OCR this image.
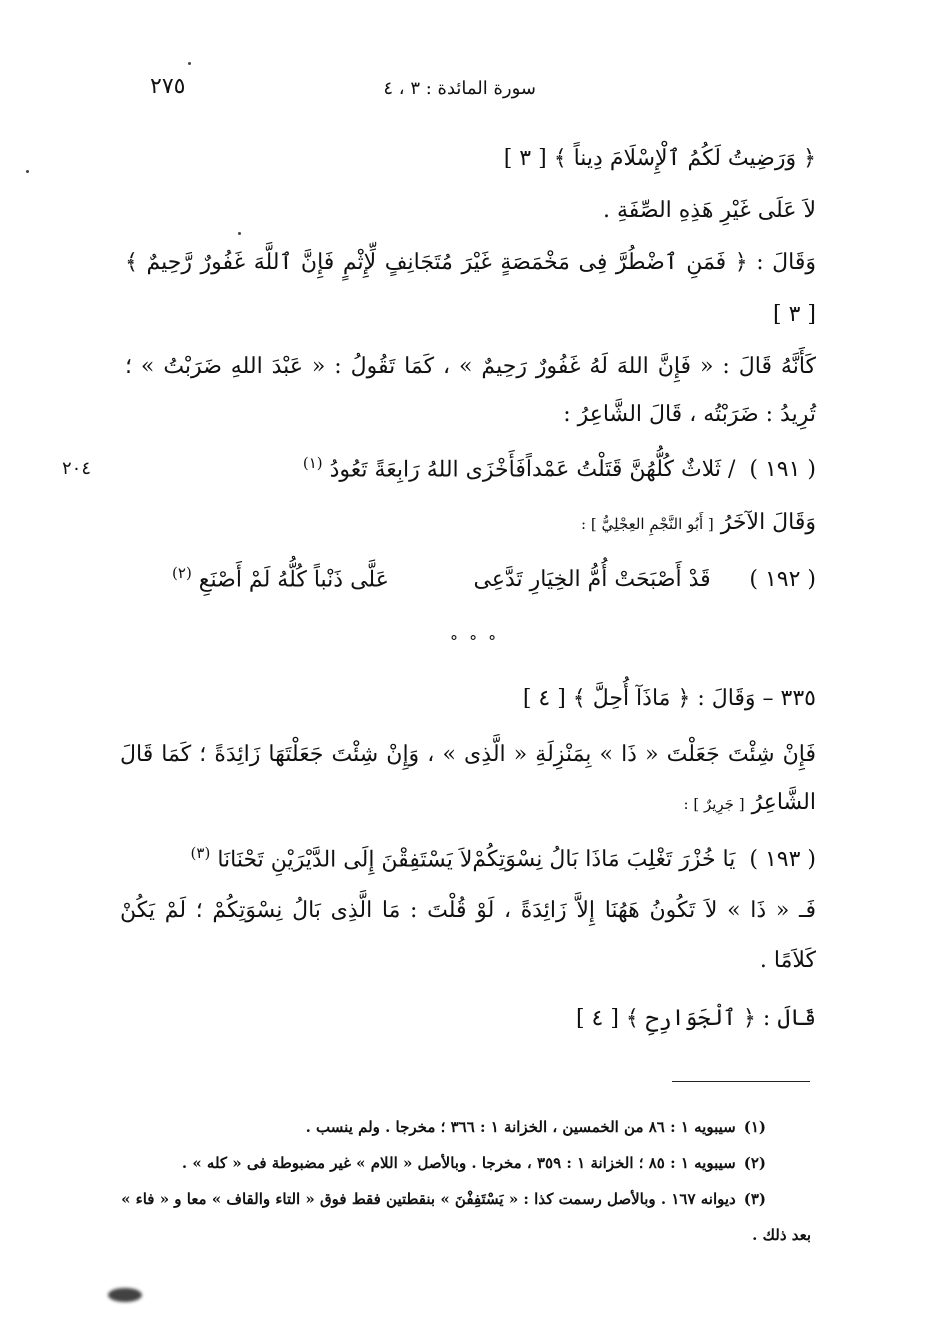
٢٧٥	سورة المائدة : ٣ ، ٤
﴿ وَرَضِيتُ لَكُمُ ٱلْإِسْلَامَ دِيناً ﴾ [ ٣ ]
لاَ عَلَى غَيْرِ هَذِهِ الصِّفَةِ .
وَقَالَ : ﴿ فَمَنِ ٱضْطُرَّ فِى مَخْمَصَةٍ غَيْرَ مُتَجَانِفٍ لِّإِثْمٍ فَإِنَّ ٱللَّهَ غَفُورٌ رَّحِيمٌ ﴾
[ ٣ ]
كَأَنَّهُ قَالَ : « فَإِنَّ اللهَ لَهُ غَفُورٌ رَحِيمٌ » ، كَمَا تَقُولُ : « عَبْدَ اللهِ ضَرَبْتُ » ؛
تُرِيدُ : ضَرَبْتُه ، قَالَ الشَّاعِرُ :
( ١٩١ )
/ ثَلاثٌ كُلُّهُنَّ قَتَلْتُ عَمْداً
فَأَخْزَى اللهُ رَابِعَةً تَعُودُ $^{(١)}$
٢٠٤
وَقَالَ الآخَرُ [ أَبُو النَّجْمِ العِجْلِيُّ ] :
( ١٩٢ )
قَدْ أَصْبَحَتْ أُمُّ الخِيَارِ تَدَّعِى
عَلَّى ذَنْباً كُلُّهُ لَمْ أَصْنَعِ $^{(٢)}$
° ° °
٣٣٥ – وَقَالَ : ﴿ مَاذَآ أُحِلَّ ﴾ [ ٤ ]
فَإِنْ شِئْتَ جَعَلْتَ « ذَا » بِمَنْزِلَةِ « الَّذِى » ، وَإِنْ شِئْتَ جَعَلْتَهَا زَائِدَةً ؛ كَمَا قَالَ
الشَّاعِرُ [ جَرِيرٌ ] :
( ١٩٣ )
يَا خُزْرَ تَغْلِبَ مَاذَا بَالُ نِسْوَتِكُمْ
لاَ يَسْتَفِقْنَ إِلَى الدَّيْرَيْنِ تَحْنَانَا $^{(٣)}$
فَـ « ذَا » لاَ تَكُونُ هَهُنَا إِلاَّ زَائِدَةً ، لَوْ قُلْتَ : مَا الَّذِى بَالُ نِسْوَتِكُمْ ؛ لَمْ يَكُنْ
كَلاَمًا .
قَالَ : ﴿ ٱلْجَوَارِحِ ﴾ [ ٤ ]
(١)سيبويه ١ : ٨٦ من الخمسين ، الخزانة ١ : ٣٦٦ ؛ مخرجا . ولم ينسب .
(٢)سيبويه ١ : ٨٥ ؛ الخزانة ١ : ٣٥٩ ، مخرجا . وبالأصل « اللام » غير مضبوطة فى « كله » .
(٣)ديوانه ١٦٧ . وبالأصل رسمت كذا : « يَسْتَفِفْنَ » بنقطتين فقط فوق « التاء والقاف » معا و « فاء »
بعد ذلك .
